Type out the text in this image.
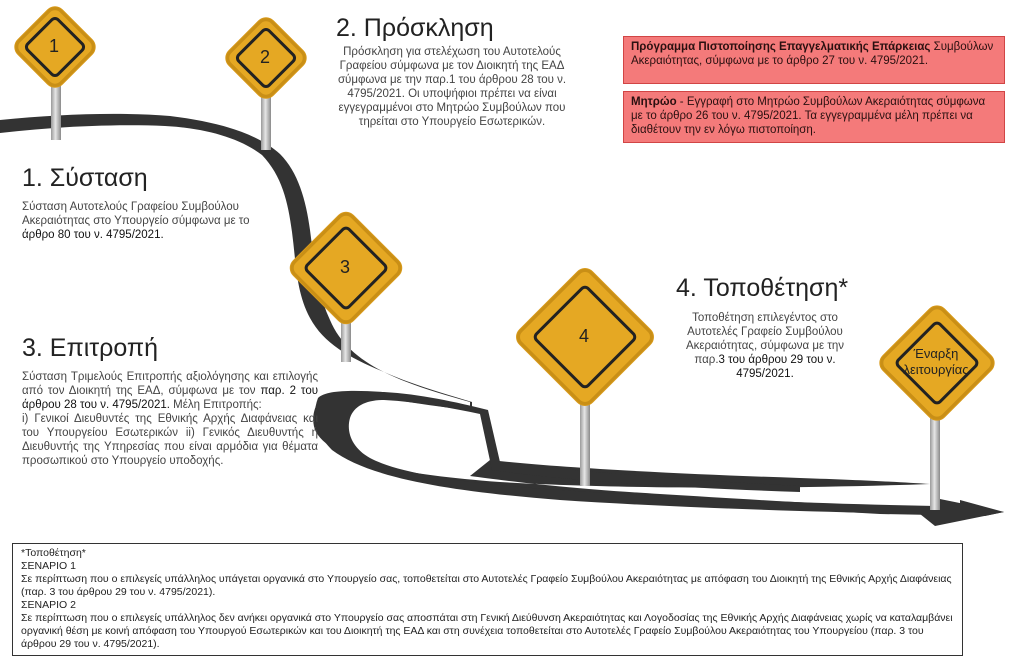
1
2
3
4
Έναρξη
λειτουργίας
1. Σύσταση
Σύσταση Αυτοτελούς Γραφείου Συμβούλου Ακεραιότητας στο Υπουργείο σύμφωνα με το άρθρο 80 του ν. 4795/2021.
2. Πρόσκληση
Πρόσκληση για στελέχωση του Αυτοτελούς Γραφείου σύμφωνα με τον Διοικητή της ΕΑΔ σύμφωνα με την παρ.1 του άρθρου 28 του ν. 4795/2021. Οι υποψήφιοι πρέπει να είναι εγγεγραμμένοι στο Μητρώο Συμβούλων που τηρείται στο Υπουργείο Εσωτερικών.
3. Επιτροπή
Σύσταση Τριμελούς Επιτροπής αξιολόγησης και επιλογής από τον Διοικητή της ΕΑΔ, σύμφωνα με τον παρ. 2 του άρθρου 28 του ν. 4795/2021. Μέλη Επιτροπής:
i) Γενικοί Διευθυντές της Εθνικής Αρχής Διαφάνειας και του Υπουργείου Εσωτερικών ii) Γενικός Διευθυντής ή Διευθυντής της Υπηρεσίας που είναι αρμόδια για θέματα προσωπικού στο Υπουργείο υποδοχής.
4. Τοποθέτηση*
Τοποθέτηση επιλεγέντος στο Αυτοτελές Γραφείο Συμβούλου Ακεραιότητας, σύμφωνα με την παρ.3 του άρθρου 29 του ν. 4795/2021.
Πρόγραμμα Πιστοποίησης Επαγγελματικής Επάρκειας Συμβούλων Ακεραιότητας, σύμφωνα με το άρθρο 27 του ν. 4795/2021.
Μητρώο - Εγγραφή στο Μητρώο Συμβούλων Ακεραιότητας σύμφωνα με το άρθρο 26 του ν. 4795/2021. Τα εγγεγραμμένα μέλη πρέπει να διαθέτουν την εν λόγω πιστοποίηση.
*Τοποθέτηση*
ΣΕΝΑΡΙΟ 1
Σε περίπτωση που ο επιλεγείς υπάλληλος υπάγεται οργανικά στο Υπουργείο σας, τοποθετείται στο Αυτοτελές Γραφείο Συμβούλου Ακεραιότητας με απόφαση του Διοικητή της Εθνικής Αρχής Διαφάνειας (παρ. 3 του άρθρου 29 του ν. 4795/2021).
ΣΕΝΑΡΙΟ 2
Σε περίπτωση που ο επιλεγείς υπάλληλος δεν ανήκει οργανικά στο Υπουργείο σας αποσπάται στη Γενική Διεύθυνση Ακεραιότητας και Λογοδοσίας της Εθνικής Αρχής Διαφάνειας χωρίς να καταλαμβάνει οργανική θέση με κοινή απόφαση του Υπουργού Εσωτερικών και του Διοικητή της ΕΑΔ και στη συνέχεια τοποθετείται στο Αυτοτελές Γραφείο Συμβούλου Ακεραιότητας του Υπουργείου (παρ. 3 του άρθρου 29 του ν. 4795/2021).
